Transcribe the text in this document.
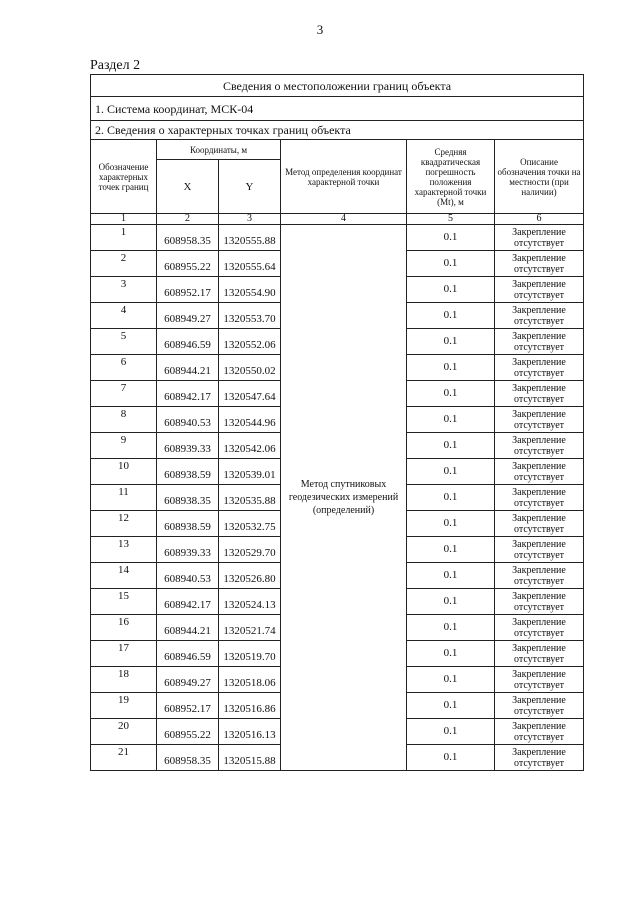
3
Раздел 2
Сведения о местоположении границ объекта					
1. Система координат, МСК-04					
2. Сведения о характерных точках границ объекта					
Обозначение характерных точек границ	Координаты, м		Метод определения координат характерной точки	Средняя квадратическая погрешность положения характерной точки (Mt), м	Описание обозначения точки на местности (при наличии)
	X	Y			
1	2	3	4	5	6
1	608958.35	1320555.88	Метод спутниковых геодезических измерений (определений)	0.1	Закрепление отсутствует
2	608955.22	1320555.64		0.1	Закрепление отсутствует
3	608952.17	1320554.90		0.1	Закрепление отсутствует
4	608949.27	1320553.70		0.1	Закрепление отсутствует
5	608946.59	1320552.06		0.1	Закрепление отсутствует
6	608944.21	1320550.02		0.1	Закрепление отсутствует
7	608942.17	1320547.64		0.1	Закрепление отсутствует
8	608940.53	1320544.96		0.1	Закрепление отсутствует
9	608939.33	1320542.06		0.1	Закрепление отсутствует
10	608938.59	1320539.01		0.1	Закрепление отсутствует
11	608938.35	1320535.88		0.1	Закрепление отсутствует
12	608938.59	1320532.75		0.1	Закрепление отсутствует
13	608939.33	1320529.70		0.1	Закрепление отсутствует
14	608940.53	1320526.80		0.1	Закрепление отсутствует
15	608942.17	1320524.13		0.1	Закрепление отсутствует
16	608944.21	1320521.74		0.1	Закрепление отсутствует
17	608946.59	1320519.70		0.1	Закрепление отсутствует
18	608949.27	1320518.06		0.1	Закрепление отсутствует
19	608952.17	1320516.86		0.1	Закрепление отсутствует
20	608955.22	1320516.13		0.1	Закрепление отсутствует
21	608958.35	1320515.88		0.1	Закрепление отсутствует
